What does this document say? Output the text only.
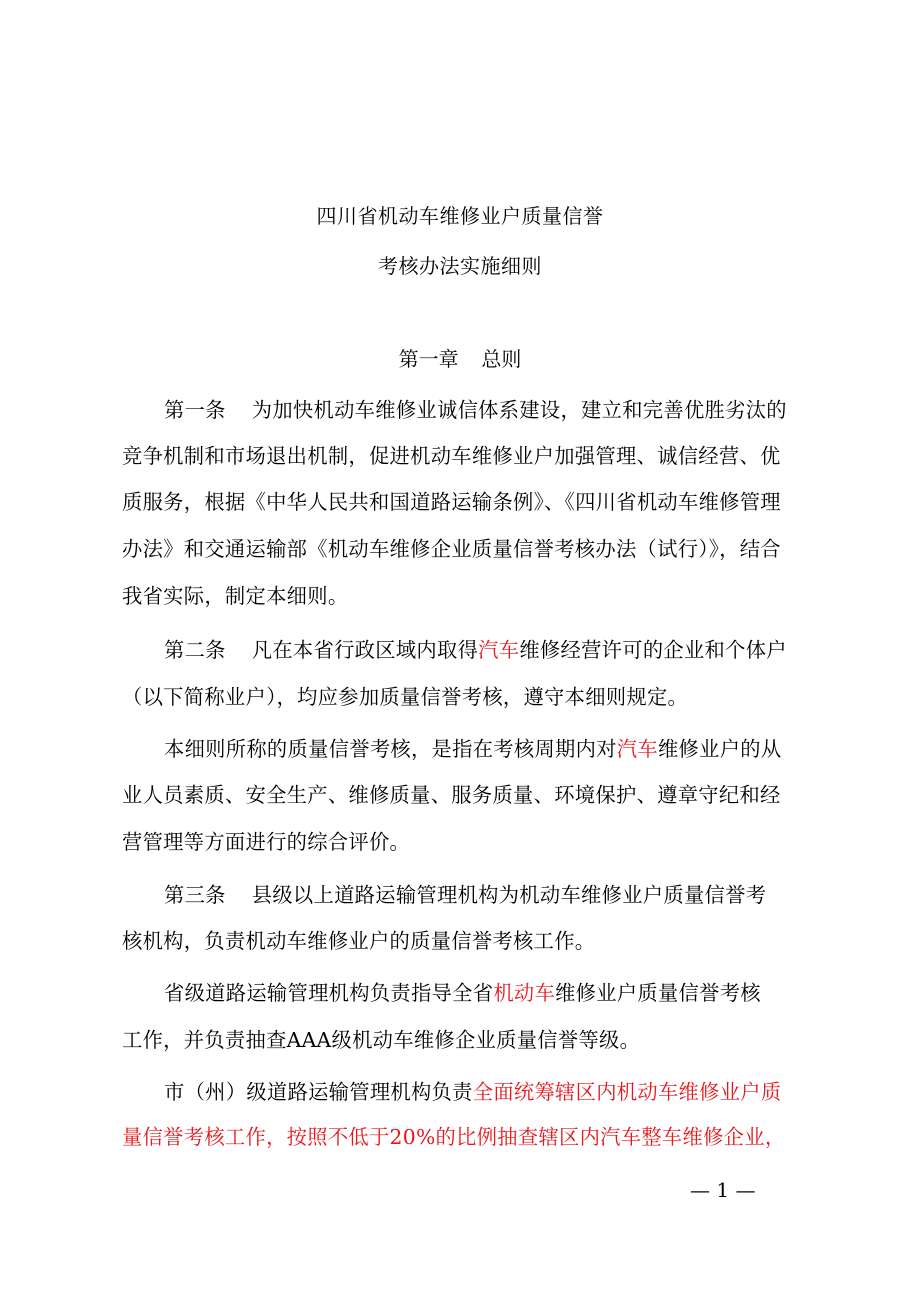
四川省机动车维修业户质量信誉
考核办法实施细则
第一章 总则
第一条 为加快机动车维修业诚信体系建设，建立和完善优胜劣汰的
竞争机制和市场退出机制，促进机动车维修业户加强管理、诚信经营、优
质服务，根据《中华人民共和国道路运输条例》、《四川省机动车维修管理
办法》和交通运输部《机动车维修企业质量信誉考核办法（试行）》，结合
我省实际，制定本细则。
第二条 凡在本省行政区域内取得汽车维修经营许可的企业和个体户
（以下简称业户），均应参加质量信誉考核，遵守本细则规定。
本细则所称的质量信誉考核，是指在考核周期内对汽车维修业户的从
业人员素质、安全生产、维修质量、服务质量、环境保护、遵章守纪和经
营管理等方面进行的综合评价。
第三条 县级以上道路运输管理机构为机动车维修业户质量信誉考
核机构，负责机动车维修业户的质量信誉考核工作。
省级道路运输管理机构负责指导全省机动车维修业户质量信誉考核
工作，并负责抽查AAA级机动车维修企业质量信誉等级。
市（州）级道路运输管理机构负责全面统筹辖区内机动车维修业户质
量信誉考核工作，按照不低于20%的比例抽查辖区内汽车整车维修企业，
— 1 —
